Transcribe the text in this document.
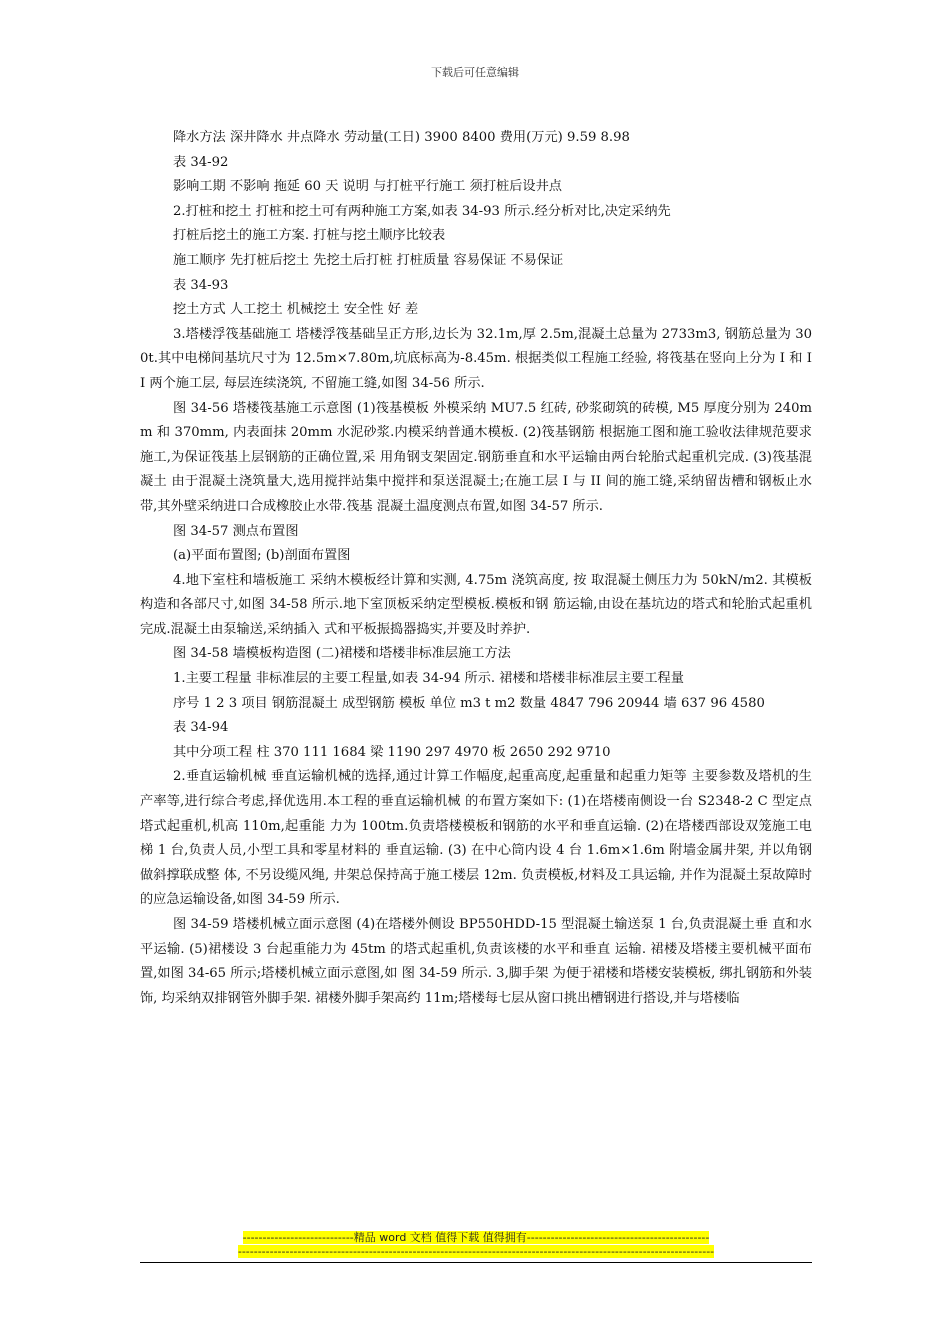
下载后可任意编辑

降水方法 深井降水 井点降水 劳动量(工日) 3900 8400 费用(万元) 9.59 8.98

表 34-92

影响工期 不影响 拖延 60 天 说明 与打桩平行施工 须打桩后设井点

2.打桩和挖土 打桩和挖土可有两种施工方案,如表 34-93 所示.经分析对比,决定采纳先

打桩后挖土的施工方案. 打桩与挖土顺序比较表

施工顺序 先打桩后挖土 先挖土后打桩 打桩质量 容易保证 不易保证

表 34-93

挖土方式 人工挖土 机械挖土 安全性 好 差

3.塔楼浮筏基础施工 塔楼浮筏基础呈正方形,边长为 32.1m,厚 2.5m,混凝土总量为 2733m3, 钢筋总量为 300t.其中电梯间基坑尺寸为 12.5m×7.80m,坑底标高为-8.45m. 根据类似工程施工经验, 将筏基在竖向上分为 I 和 II 两个施工层, 每层连续浇筑, 不留施工缝,如图 34-56 所示.

图 34-56 塔楼筏基施工示意图 (1)筏基模板 外模采纳 MU7.5 红砖, 砂浆砌筑的砖模, M5 厚度分别为 240mm 和 370mm, 内表面抹 20mm 水泥砂浆.内模采纳普通木模板. (2)筏基钢筋 根据施工图和施工验收法律规范要求施工,为保证筏基上层钢筋的正确位置,采 用角钢支架固定.钢筋垂直和水平运输由两台轮胎式起重机完成. (3)筏基混凝土 由于混凝土浇筑量大,选用搅拌站集中搅拌和泵送混凝土;在施工层 I 与 II 间的施工缝,采纳留齿槽和钢板止水带,其外壁采纳进口合成橡胶止水带.筏基 混凝土温度测点布置,如图 34-57 所示.

图 34-57 测点布置图

(a)平面布置图; (b)剖面布置图

4.地下室柱和墙板施工 采纳木模板经计算和实测, 4.75m 浇筑高度, 按 取混凝土侧压力为 50kN/m2. 其模板构造和各部尺寸,如图 34-58 所示.地下室顶板采纳定型模板.模板和钢 筋运输,由设在基坑边的塔式和轮胎式起重机完成.混凝土由泵输送,采纳插入 式和平板振捣器捣实,并要及时养护.

图 34-58 墙模板构造图 (二)裙楼和塔楼非标准层施工方法

1.主要工程量 非标准层的主要工程量,如表 34-94 所示. 裙楼和塔楼非标准层主要工程量

序号 1 2 3 项目 钢筋混凝土 成型钢筋 模板 单位 m3 t m2 数量 4847 796 20944 墙 637 96 4580

表 34-94

其中分项工程 柱 370 111 1684 梁 1190 297 4970 板 2650 292 9710

2.垂直运输机械 垂直运输机械的选择,通过计算工作幅度,起重高度,起重量和起重力矩等 主要参数及塔机的生产率等,进行综合考虑,择优选用.本工程的垂直运输机械 的布置方案如下: (1)在塔楼南侧设一台 S2348-2 C 型定点塔式起重机,机高 110m,起重能 力为 100tm.负责塔楼模板和钢筋的水平和垂直运输. (2)在塔楼西部设双笼施工电梯 1 台,负责人员,小型工具和零星材料的 垂直运输. (3) 在中心筒内设 4 台 1.6m×1.6m 附墙金属井架, 并以角钢做斜撑联成整 体, 不另设缆风绳, 井架总保持高于施工楼层 12m. 负责模板,材料及工具运输, 并作为混凝土泵故障时的应急运输设备,如图 34-59 所示.

图 34-59 塔楼机械立面示意图 (4)在塔楼外侧设 BP550HDD-15 型混凝土输送泵 1 台,负责混凝土垂 直和水平运输. (5)裙楼设 3 台起重能力为 45tm 的塔式起重机,负责该楼的水平和垂直 运输. 裙楼及塔楼主要机械平面布置,如图 34-65 所示;塔楼机械立面示意图,如 图 34-59 所示. 3,脚手架 为便于裙楼和塔楼安装模板, 绑扎钢筋和外装饰, 均采纳双排钢管外脚手架. 裙楼外脚手架高约 11m;塔楼每七层从窗口挑出槽钢进行搭设,并与塔楼临

----------------------------精品 word 文档 值得下载 值得拥有----------------------------------------------
------------------------------------------------------------------------------------------------------------------------
